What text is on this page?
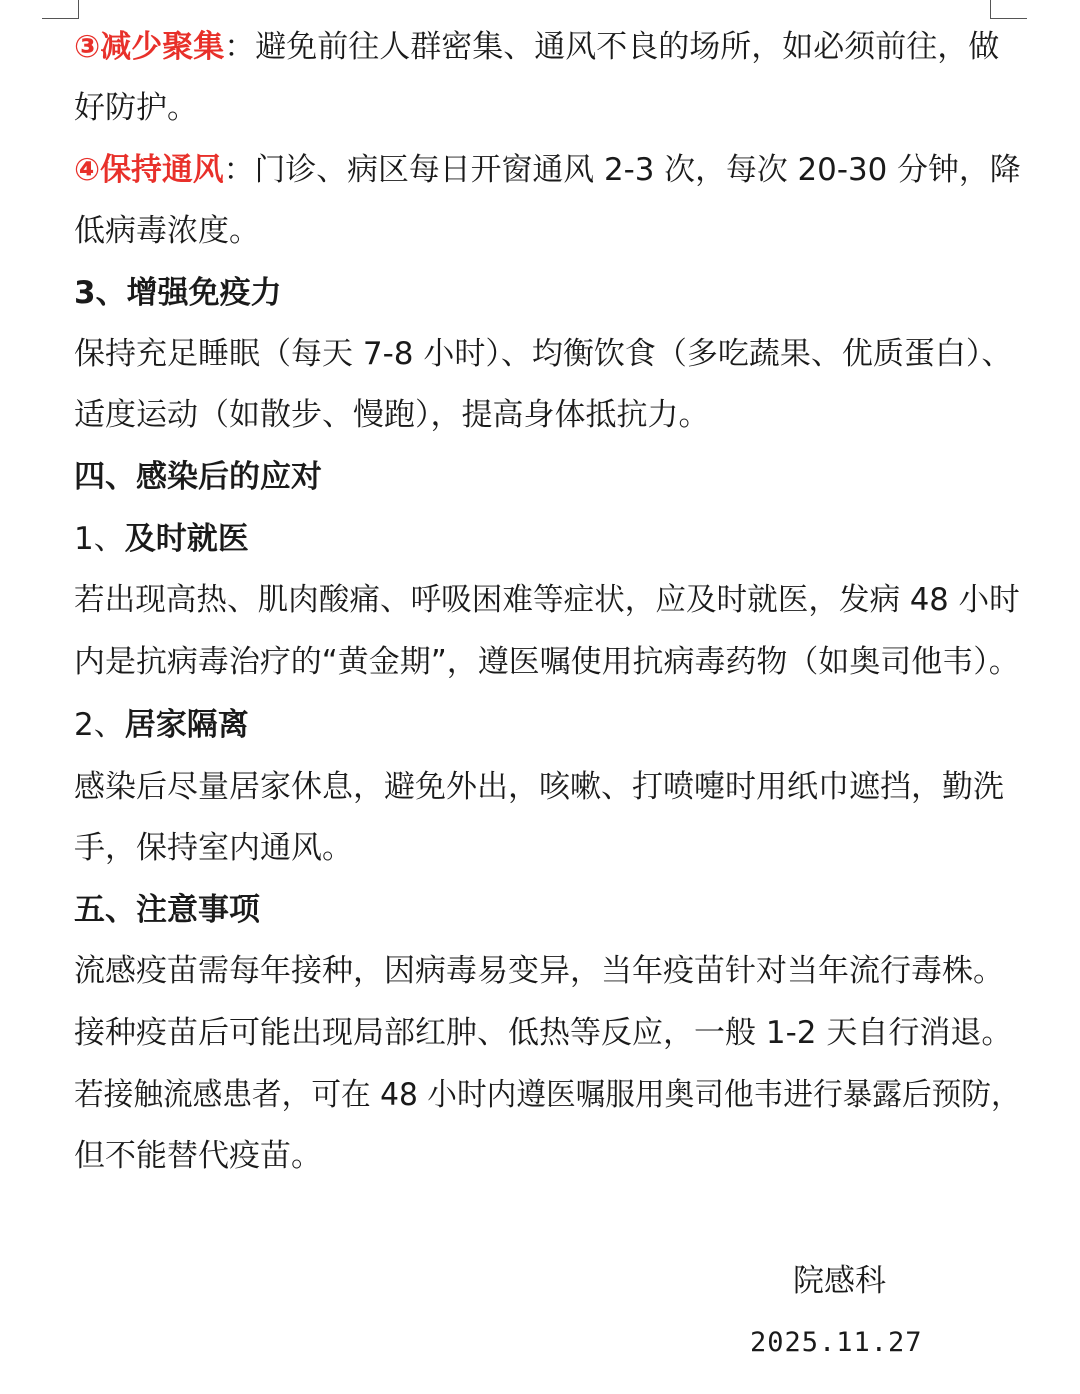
③减少聚集：避免前往人群密集、通风不良的场所，如必须前往，做
好防护。
④保持通风：门诊、病区每日开窗通风 2-3 次，每次 20-30 分钟，降
低病毒浓度。
3、增强免疫力
保持充足睡眠（每天 7-8 小时）、均衡饮食（多吃蔬果、优质蛋白）、
适度运动（如散步、慢跑），提高身体抵抗力。
四、感染后的应对
1、及时就医
若出现高热、肌肉酸痛、呼吸困难等症状，应及时就医，发病 48 小时
内是抗病毒治疗的“黄金期”，遵医嘱使用抗病毒药物（如奥司他韦）。
2、居家隔离
感染后尽量居家休息，避免外出，咳嗽、打喷嚏时用纸巾遮挡，勤洗
手，保持室内通风。
五、注意事项
流感疫苗需每年接种，因病毒易变异，当年疫苗针对当年流行毒株。
接种疫苗后可能出现局部红肿、低热等反应，一般 1-2 天自行消退。
若接触流感患者，可在 48 小时内遵医嘱服用奥司他韦进行暴露后预防，
但不能替代疫苗。
院感科
2025.11.27
